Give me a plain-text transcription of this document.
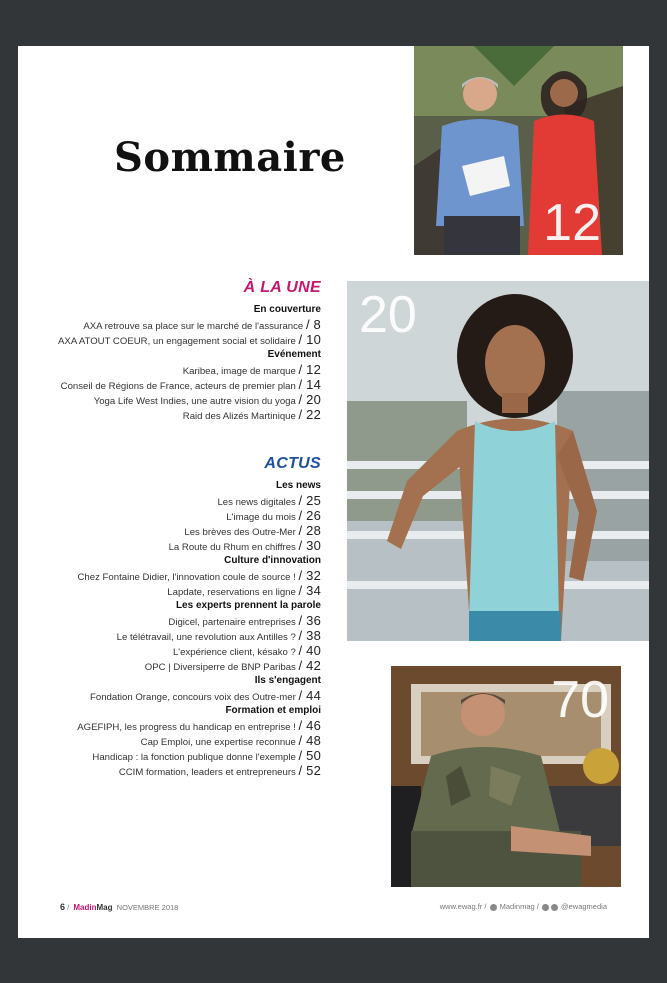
Sommaire
12
20
70
À LA UNE
En couverture
AXA retrouve sa place sur le marché de l'assurance / 8
AXA ATOUT COEUR, un engagement social et solidaire / 10
Evénement
Karibea, image de marque / 12
Conseil de Régions de France, acteurs de premier plan / 14
Yoga Life West Indies, une autre vision du yoga / 20
Raid des Alizés Martinique / 22
ACTUS
Les news
Les news digitales / 25
L'image du mois / 26
Les brèves des Outre-Mer / 28
La Route du Rhum en chiffres / 30
Culture d'innovation
Chez Fontaine Didier, l'innovation coule de source ! / 32
Lapdate, reservations en ligne / 34
Les experts prennent la parole
Digicel, partenaire entreprises / 36
Le télétravail, une revolution aux Antilles ? / 38
L'expérience client, késako ? / 40
OPC | Diversiperre de BNP Paribas / 42
Ils s'engagent
Fondation Orange, concours voix des Outre-mer / 44
Formation et emploi
AGEFIPH, les progress du handicap en entreprise ! / 46
Cap Emploi, une expertise reconnue / 48
Handicap : la fonction publique donne l'exemple / 50
CCIM formation, leaders et entrepreneurs / 52
6 / MadinMag NOVEMBRE 2018	www.ewag.fr / Madinmag /	@ewagmedia
